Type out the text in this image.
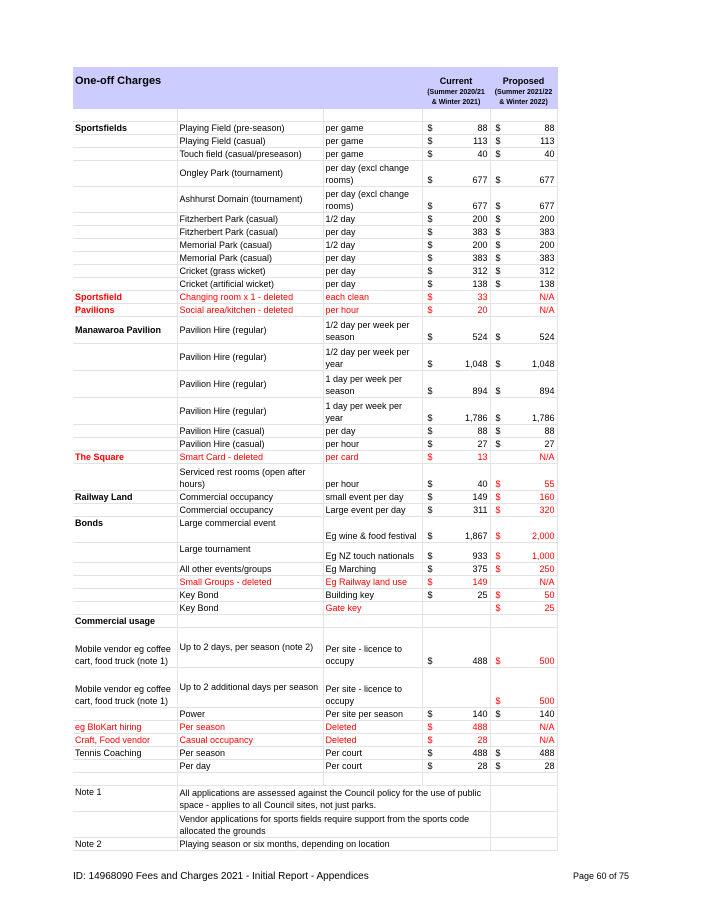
One-off Charges			Current	Proposed
			(Summer 2020/21 & Winter 2021)	(Summer 2021/22 & Winter 2022)

Sportsfields	Playing Field (pre-season)	per game	$ 88	$ 88

	Playing Field (casual)	per game	$ 113	$ 113

	Touch field (casual/preseason)	per game	$ 40	$ 40

	Ongley Park (tournament)	per day (excl change rooms)	$ 677	$ 677

	Ashhurst Domain (tournament)	per day (excl change rooms)	$ 677	$ 677

	Fitzherbert Park (casual)	1/2 day	$ 200	$ 200

	Fitzherbert Park (casual)	per day	$ 383	$ 383

	Memorial Park (casual)	1/2 day	$ 200	$ 200

	Memorial Park (casual)	per day	$ 383	$ 383

	Cricket (grass wicket)	per day	$ 312	$ 312

	Cricket (artificial wicket)	per day	$ 138	$ 138

Sportsfield	Changing room x 1 - deleted	each clean	$ 33	N/A

Pavilions	Social area/kitchen - deleted	per hour	$ 20	N/A

Manawaroa Pavilion	Pavilion Hire (regular)	1/2 day per week per season	$ 524	$ 524

	Pavilion Hire (regular)	1/2 day per week per year	$ 1,048	$ 1,048

	Pavilion Hire (regular)	1 day per week per season	$ 894	$ 894

	Pavilion Hire (regular)	1 day per week per year	$ 1,786	$ 1,786

	Pavilion Hire (casual)	per day	$ 88	$ 88

	Pavilion Hire (casual)	per hour	$ 27	$ 27

The Square	Smart Card - deleted	per card	$ 13	N/A

	Serviced rest rooms (open after hours)	per hour	$ 40	$ 55

Railway Land	Commercial occupancy	small event per day	$ 149	$ 160

	Commercial occupancy	Large event per day	$ 311	$ 320

Bonds	Large commercial event	Eg wine & food festival	$ 1,867	$ 2,000

	Large tournament	Eg NZ touch nationals	$ 933	$ 1,000

	All other events/groups	Eg Marching	$ 375	$ 250

	Small Groups - deleted	Eg Railway land use	$ 149	N/A

	Key Bond	Building key	$ 25	$ 50

	Key Bond	Gate key		$ 25

Commercial usage				
Mobile vendor eg coffee cart, food truck (note 1)	Up to 2 days, per season (note 2)	Per site - licence to occupy	$ 488	$ 500

Mobile vendor eg coffee cart, food truck (note 1)	Up to 2 additional days per season	Per site - licence to occupy		$ 500

	Power	Per site per season	$ 140	$ 140

eg BloKart hiring	Per season	Deleted	$ 488	N/A

Craft, Food vendor	Casual occupancy	Deleted	$ 28	N/A

Tennis Coaching	Per season	Per court	$ 488	$ 488

	Per day	Per court	$ 28	$ 28

Note 1	All applications are assessed against the Council policy for the use of public space - applies to all Council sites, not just parks.			
	Vendor applications for sports fields require support from the sports code allocated the grounds			
Note 2	Playing season or six months, depending on location			
ID: 14968090 Fees and Charges 2021 - Initial Report - Appendices	Page 60 of 75
